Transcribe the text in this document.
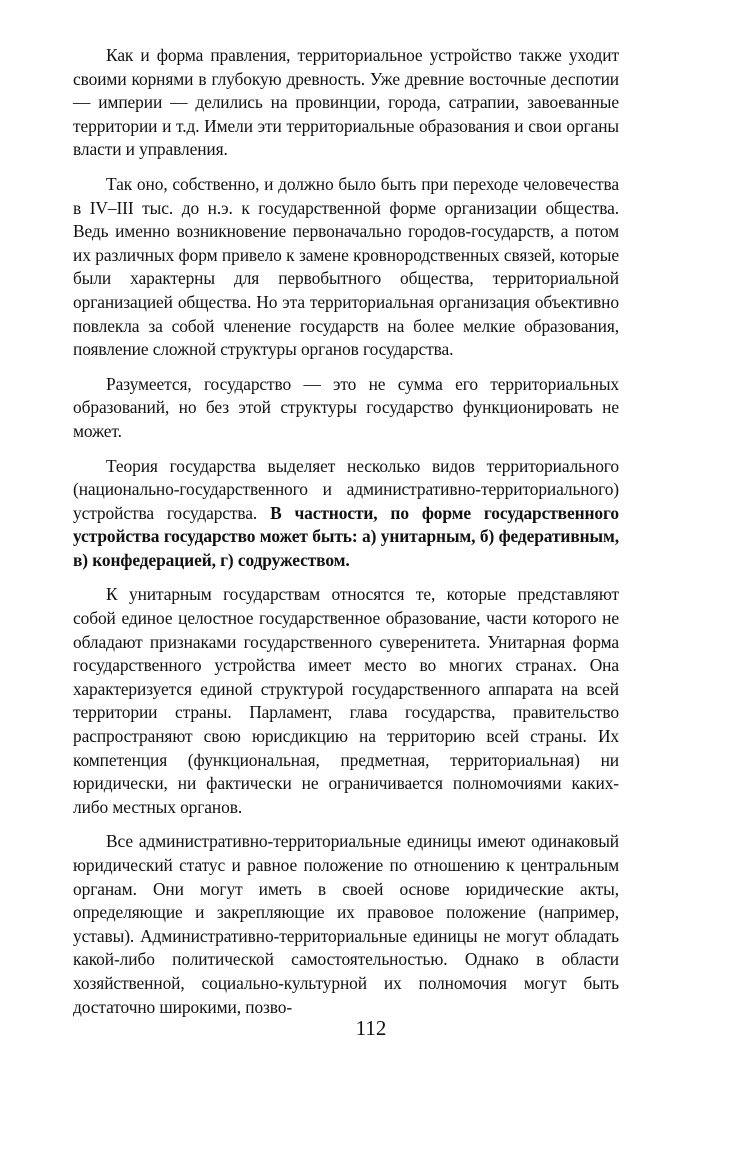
Как и форма правления, территориальное устройство также уходит своими корнями в глубокую древность. Уже древние восточные деспотии — империи — делились на провинции, города, сатрапии, завоеванные территории и т.д. Имели эти территориальные образования и свои органы власти и управления.

Так оно, собственно, и должно было быть при переходе человечества в IV–III тыс. до н.э. к государственной форме организации общества. Ведь именно возникновение первоначально городов-государств, а потом их различных форм привело к замене кровнородственных связей, которые были характерны для первобытного общества, территориальной организацией общества. Но эта территориальная организация объективно повлекла за собой членение государств на более мелкие образования, появление сложной структуры органов государства.

Разумеется, государство — это не сумма его территориальных образований, но без этой структуры государство функционировать не может.

Теория государства выделяет несколько видов территориального (национально-государственного и административно-территориального) устройства государства. В частности, по форме государственного устройства государство может быть: а) унитарным, б) федеративным, в) конфедерацией, г) содружеством.

К унитарным государствам относятся те, которые представляют собой единое целостное государственное образование, части которого не обладают признаками государственного суверенитета. Унитарная форма государственного устройства имеет место во многих странах. Она характеризуется единой структурой государственного аппарата на всей территории страны. Парламент, глава государства, правительство распространяют свою юрисдикцию на территорию всей страны. Их компетенция (функциональная, предметная, территориальная) ни юридически, ни фактически не ограничивается полномочиями каких-либо местных органов.

Все административно-территориальные единицы имеют одинаковый юридический статус и равное положение по отношению к центральным органам. Они могут иметь в своей основе юридические акты, определяющие и закрепляющие их правовое положение (например, уставы). Административно-территориальные единицы не могут обладать какой-либо политической самостоятельностью. Однако в области хозяйственной, социально-культурной их полномочия могут быть достаточно широкими, позво-

112
